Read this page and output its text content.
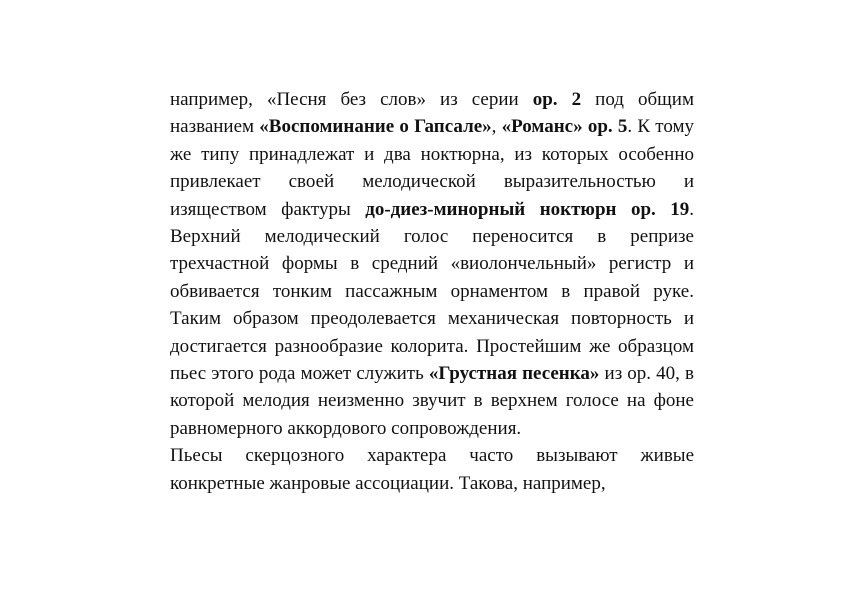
например, «Песня без слов» из серии ор. 2 под общим названием «Воспоминание о Гапсале», «Романс» ор. 5. К тому же типу принадлежат и два ноктюрна, из которых особенно привлекает своей мелодической выразительностью и изяществом фактуры до-диез-минорный ноктюрн ор. 19. Верхний мелодический голос переносится в репризе трехчастной формы в средний «виолончельный» регистр и обвивается тонким пассажным орнаментом в правой руке. Таким образом преодолевается механическая повторность и достигается разнообразие колорита. Простейшим же образцом пьес этого рода может служить «Грустная песенка» из ор. 40, в которой мелодия неизменно звучит в верхнем голосе на фоне равномерного аккордового сопровождения.

Пьесы скерцозного характера часто вызывают живые конкретные жанровые ассоциации. Такова, например,
